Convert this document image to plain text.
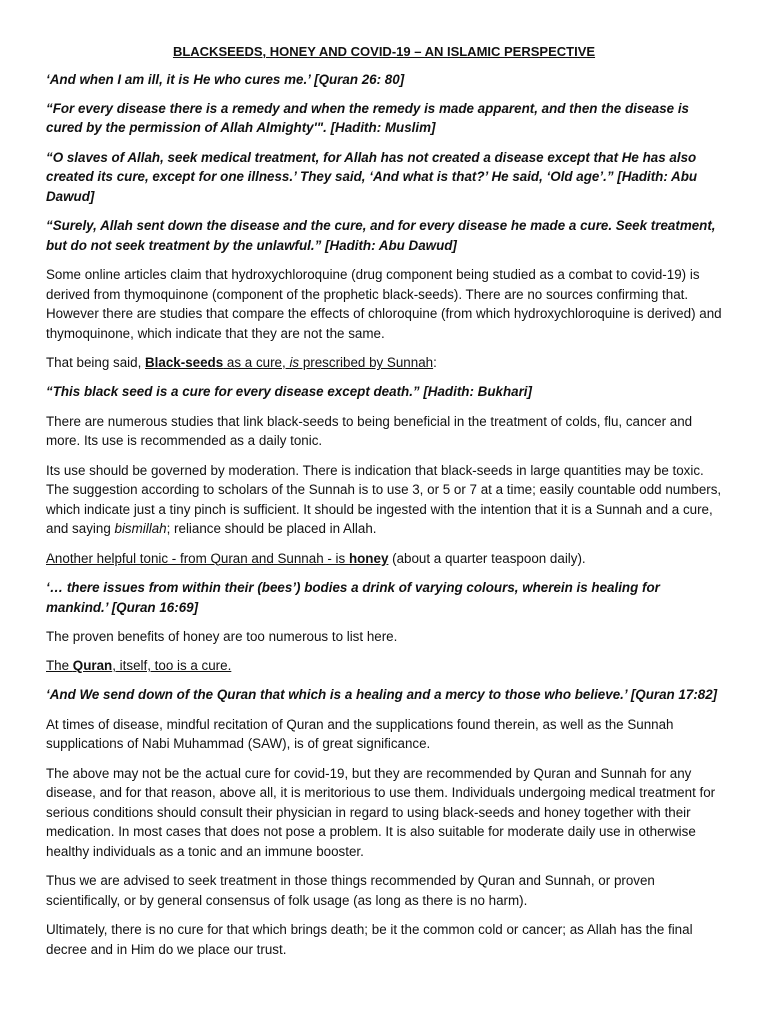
BLACKSEEDS, HONEY AND COVID-19 – AN ISLAMIC PERSPECTIVE

‘And when I am ill, it is He who cures me.’ [Quran 26: 80]

“For every disease there is a remedy and when the remedy is made apparent, and then the disease is cured by the permission of Allah Almighty'". [Hadith: Muslim]

“O slaves of Allah, seek medical treatment, for Allah has not created a disease except that He has also created its cure, except for one illness.’ They said, ‘And what is that?’ He said, ‘Old age’.” [Hadith: Abu Dawud]

“Surely, Allah sent down the disease and the cure, and for every disease he made a cure. Seek treatment, but do not seek treatment by the unlawful.” [Hadith: Abu Dawud]

Some online articles claim that hydroxychloroquine (drug component being studied as a combat to covid-19) is derived from thymoquinone (component of the prophetic black-seeds). There are no sources confirming that. However there are studies that compare the effects of chloroquine (from which hydroxychloroquine is derived) and thymoquinone, which indicate that they are not the same.

That being said, Black-seeds as a cure, is prescribed by Sunnah:

“This black seed is a cure for every disease except death.” [Hadith: Bukhari]

There are numerous studies that link black-seeds to being beneficial in the treatment of colds, flu, cancer and more. Its use is recommended as a daily tonic.

Its use should be governed by moderation. There is indication that black-seeds in large quantities may be toxic. The suggestion according to scholars of the Sunnah is to use 3, or 5 or 7 at a time; easily countable odd numbers, which indicate just a tiny pinch is sufficient. It should be ingested with the intention that it is a Sunnah and a cure, and saying bismillah; reliance should be placed in Allah.

Another helpful tonic - from Quran and Sunnah - is honey (about a quarter teaspoon daily).

‘… there issues from within their (bees’) bodies a drink of varying colours, wherein is healing for mankind.’ [Quran 16:69]

The proven benefits of honey are too numerous to list here.

The Quran, itself, too is a cure.

‘And We send down of the Quran that which is a healing and a mercy to those who believe.’ [Quran 17:82]

At times of disease, mindful recitation of Quran and the supplications found therein, as well as the Sunnah supplications of Nabi Muhammad (SAW), is of great significance.

The above may not be the actual cure for covid-19, but they are recommended by Quran and Sunnah for any disease, and for that reason, above all, it is meritorious to use them. Individuals undergoing medical treatment for serious conditions should consult their physician in regard to using black-seeds and honey together with their medication. In most cases that does not pose a problem. It is also suitable for moderate daily use in otherwise healthy individuals as a tonic and an immune booster.

Thus we are advised to seek treatment in those things recommended by Quran and Sunnah, or proven scientifically, or by general consensus of folk usage (as long as there is no harm).

Ultimately, there is no cure for that which brings death; be it the common cold or cancer; as Allah has the final decree and in Him do we place our trust.
